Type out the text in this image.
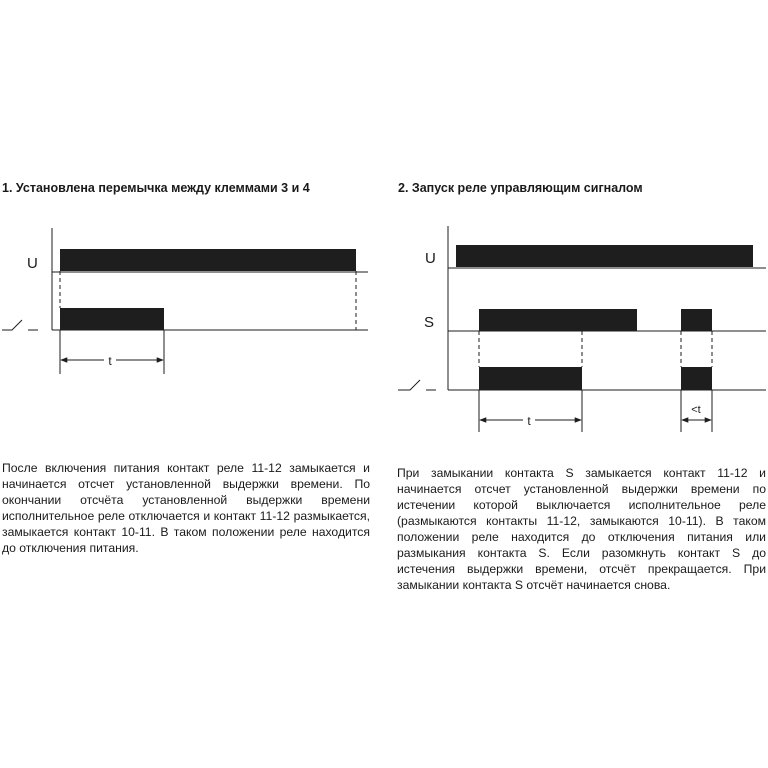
1. Установлена перемычка между клеммами 3 и 4	2. Запуск реле управляющим сигналом
U
t
U
S
t
<t
После включения питания контакт реле 11-12 замыкается и начинается отсчет установленной выдержки времени. По окончании отсчёта установленной выдержки времени исполнительное реле отключается и контакт 11-12 размыкается, замыкается контакт 10-11. В таком положении реле находится до отключения питания.
При замыкании контакта S замыкается контакт 11-12 и начинается отсчет установленной выдержки времени по истечении которой выключается исполнительное реле (размыкаются контакты 11-12, замыкаются 10-11). В таком положении реле находится до отключения питания или размыкания контакта S. Если разомкнуть контакт S до истечения выдержки времени, отсчёт прекращается. При замыкании контакта S отсчёт начинается снова.
